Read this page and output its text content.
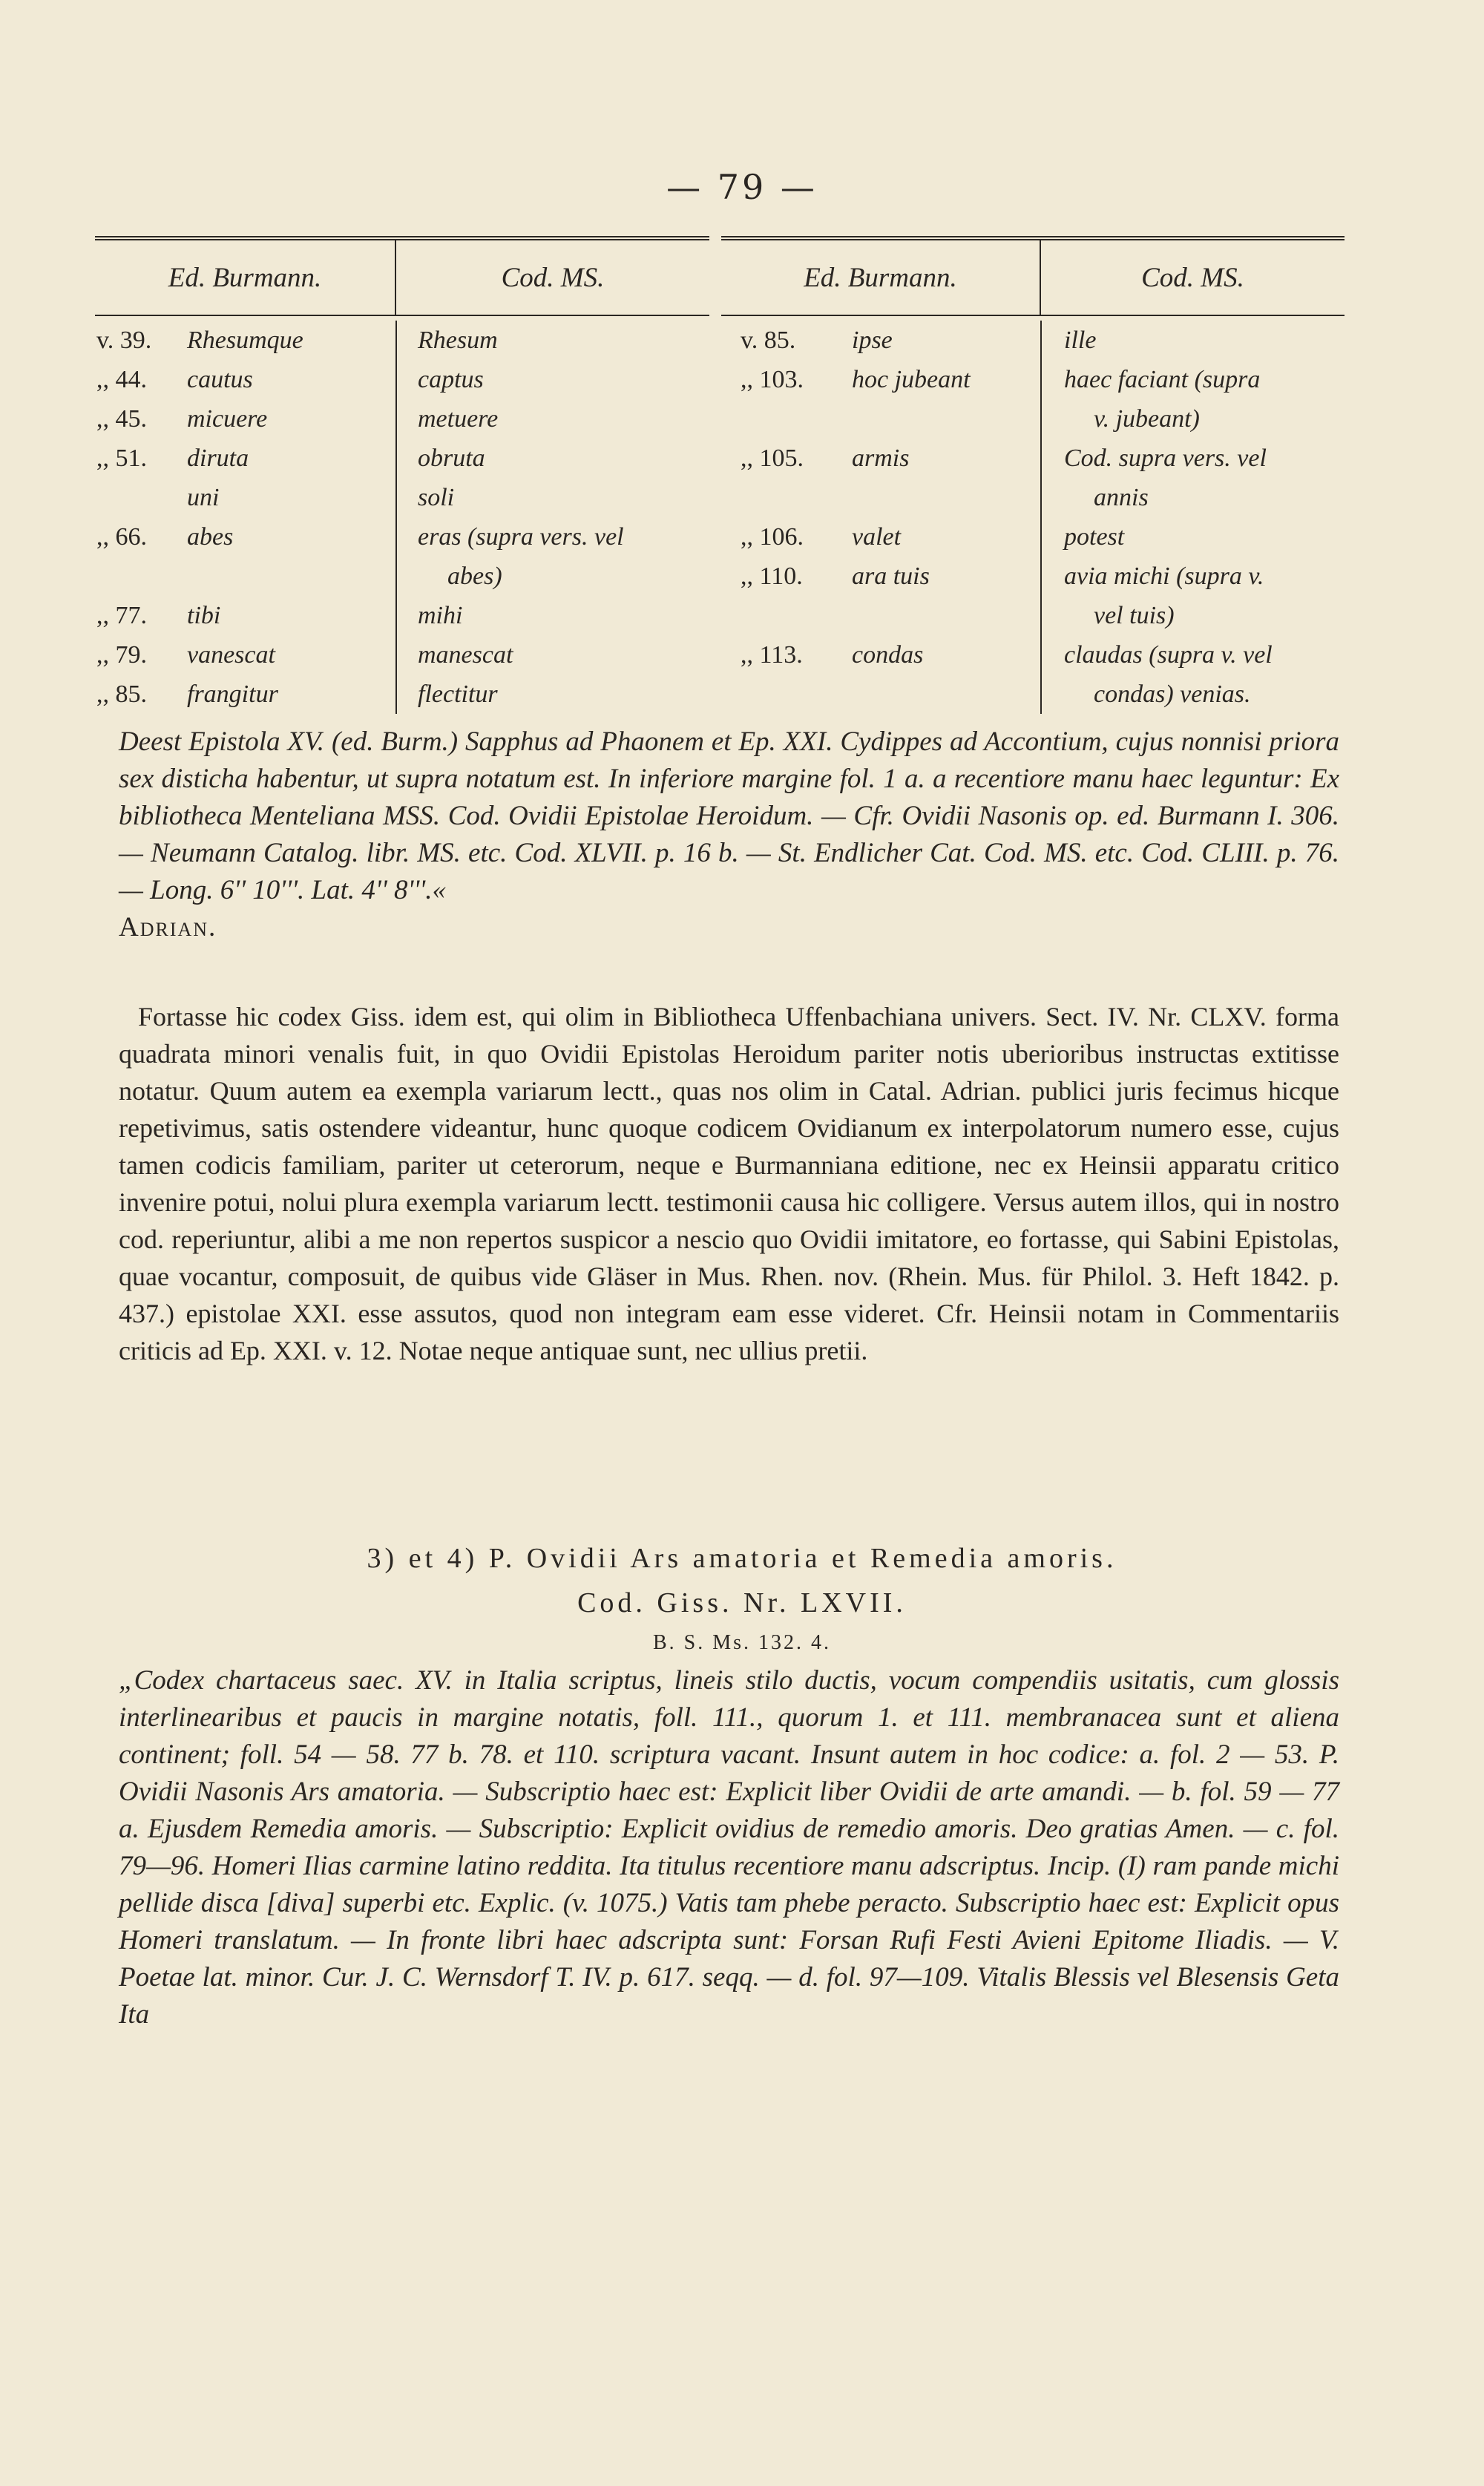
— 79 —
Ed. Burmann.	Cod. MS.
v. 39. Rhesumque
,, 44. cautus
,, 45. micuere
,, 51. diruta
uni
,, 66. abes
,, 77. tibi
,, 79. vanescat
,, 85. frangitur
Rhesum
captus
metuere
obruta
soli
eras (supra vers. vel
abes)
mihi
manescat
flectitur
Ed. Burmann.	Cod. MS.
v. 85. ipse
,, 103. hoc jubeant
,, 105. armis
,, 106. valet
,, 110. ara tuis
,, 113. condas
ille
haec faciant (supra
v. jubeant)
Cod. supra vers. vel
annis
potest
avia michi (supra v.
vel tuis)
claudas (supra v. vel
condas) venias.

Deest Epistola XV. (ed. Burm.) Sapphus ad Phaonem et Ep. XXI. Cydippes ad Accontium, cujus nonnisi priora sex disticha habentur, ut supra notatum est. In inferiore margine fol. 1 a. a recentiore manu haec leguntur: Ex bibliotheca Mentelianа MSS. Cod. Ovidii Epistolae Heroidum. — Cfr. Ovidii Nasonis op. ed. Burmann I. 306. — Neumann Catalog. libr. MS. etc. Cod. XLVII. p. 16 b. — St. Endlicher Cat. Cod. MS. etc. Cod. CLIII. p. 76. — Long. 6'' 10'''. Lat. 4'' 8'''.«

Adrian.

Fortasse hic codex Giss. idem est, qui olim in Bibliotheca Uffenbachiana univers. Sect. IV. Nr. CLXV. forma quadrata minori venalis fuit, in quo Ovidii Epistolas Heroidum pariter notis uberioribus instructas extitisse notatur. Quum autem ea exempla variarum lectt., quas nos olim in Catal. Adrian. publici juris fecimus hicque repetivimus, satis ostendere videantur, hunc quoque codicem Ovidianum ex interpolatorum numero esse, cujus tamen codicis familiam, pariter ut ceterorum, neque e Burmanniana editione, nec ex Heinsii apparatu critico invenire potui, nolui plura exempla variarum lectt. testimonii causa hic colligere. Versus autem illos, qui in nostro cod. reperiuntur, alibi a me non repertos suspicor a nescio quo Ovidii imitatore, eo fortasse, qui Sabini Epistolas, quae vocantur, composuit, de quibus vide Gläser in Mus. Rhen. nov. (Rhein. Mus. für Philol. 3. Heft 1842. p. 437.) epistolae XXI. esse assutos, quod non integram eam esse videret. Cfr. Heinsii notam in Commentariis criticis ad Ep. XXI. v. 12. Notae neque antiquae sunt, nec ullius pretii.

3) et 4) P. Ovidii Ars amatoria et Remedia amoris.
Cod. Giss. Nr. LXVII.
B. S. Ms. 132. 4.

„Codex chartaceus saec. XV. in Italia scriptus, lineis stilo ductis, vocum compendiis usitatis, cum glossis interlinearibus et paucis in margine notatis, foll. 111., quorum 1. et 111. membranacea sunt et aliena continent; foll. 54 — 58. 77 b. 78. et 110. scriptura vacant. Insunt autem in hoc codice: a. fol. 2 — 53. P. Ovidii Nasonis Ars amatoria. — Subscriptio haec est: Explicit liber Ovidii de arte amandi. — b. fol. 59 — 77 a. Ejusdem Remedia amoris. — Subscriptio: Explicit ovidius de remedio amoris. Deo gratias Amen. — c. fol. 79—96. Homeri Ilias carmine latino reddita. Ita titulus recentiore manu adscriptus. Incip. (I) ram pande michi pellide disca [diva] superbi etc. Explic. (v. 1075.) Vatis tam phebe peracto. Subscriptio haec est: Explicit opus Homeri translatum. — In fronte libri haec adscripta sunt: Forsan Rufi Festi Avieni Epitome Iliadis. — V. Poetae lat. minor. Cur. J. C. Wernsdorf T. IV. p. 617. seqq. — d. fol. 97—109. Vitalis Blessis vel Blesensis Geta Ita
